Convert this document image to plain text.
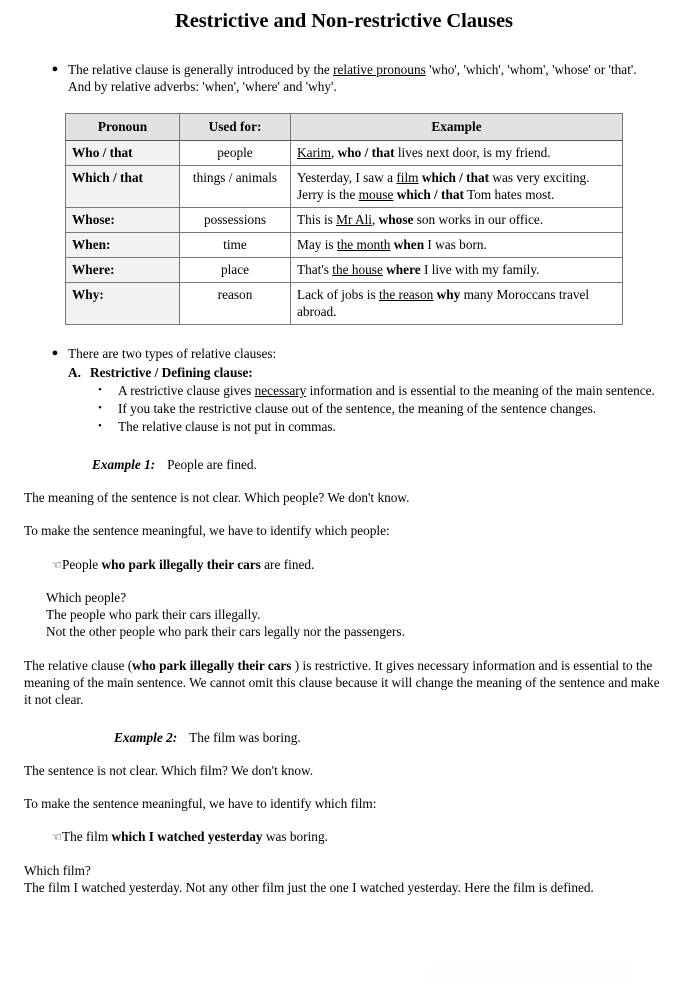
Restrictive and Non-restrictive Clauses
● The relative clause is generally introduced by the relative pronouns 'who', 'which', 'whom', 'whose' or 'that'.
And by relative adverbs: 'when', 'where' and 'why'.
Pronoun	Used for:	Example
Who / that	people	Karim, who / that lives next door, is my friend.
Which / that	things / animals	Yesterday, I saw a film which / that was very exciting. Jerry is the mouse which / that Tom hates most.
Whose:	possessions	This is Mr Ali, whose son works in our office.
When:	time	May is the month when I was born.
Where:	place	That's the house where I live with my family.
Why:	reason	Lack of jobs is the reason why many Moroccans travel abroad.
● There are two types of relative clauses:
A. Restrictive / Defining clause:
•	A restrictive clause gives necessary information and is essential to the meaning of the main sentence.
•	If you take the restrictive clause out of the sentence, the meaning of the sentence changes.
•	The relative clause is not put in commas.
Example 1: People are fined.

The meaning of the sentence is not clear. Which people? We don't know.

To make the sentence meaningful, we have to identify which people:

☞ People who park illegally their cars are fined.
Which people?
The people who park their cars illegally.
Not the other people who park their cars legally nor the passengers.

The relative clause (who park illegally their cars ) is restrictive. It gives necessary information and is essential to the meaning of the main sentence. We cannot omit this clause because it will change the meaning of the sentence and make it not clear.

Example 2: The film was boring.

The sentence is not clear. Which film? We don't know.

To make the sentence meaningful, we have to identify which film:

☞ The film which I watched yesterday was boring.
Which film?
The film I watched yesterday. Not any other film just the one I watched yesterday. Here the film is defined.
